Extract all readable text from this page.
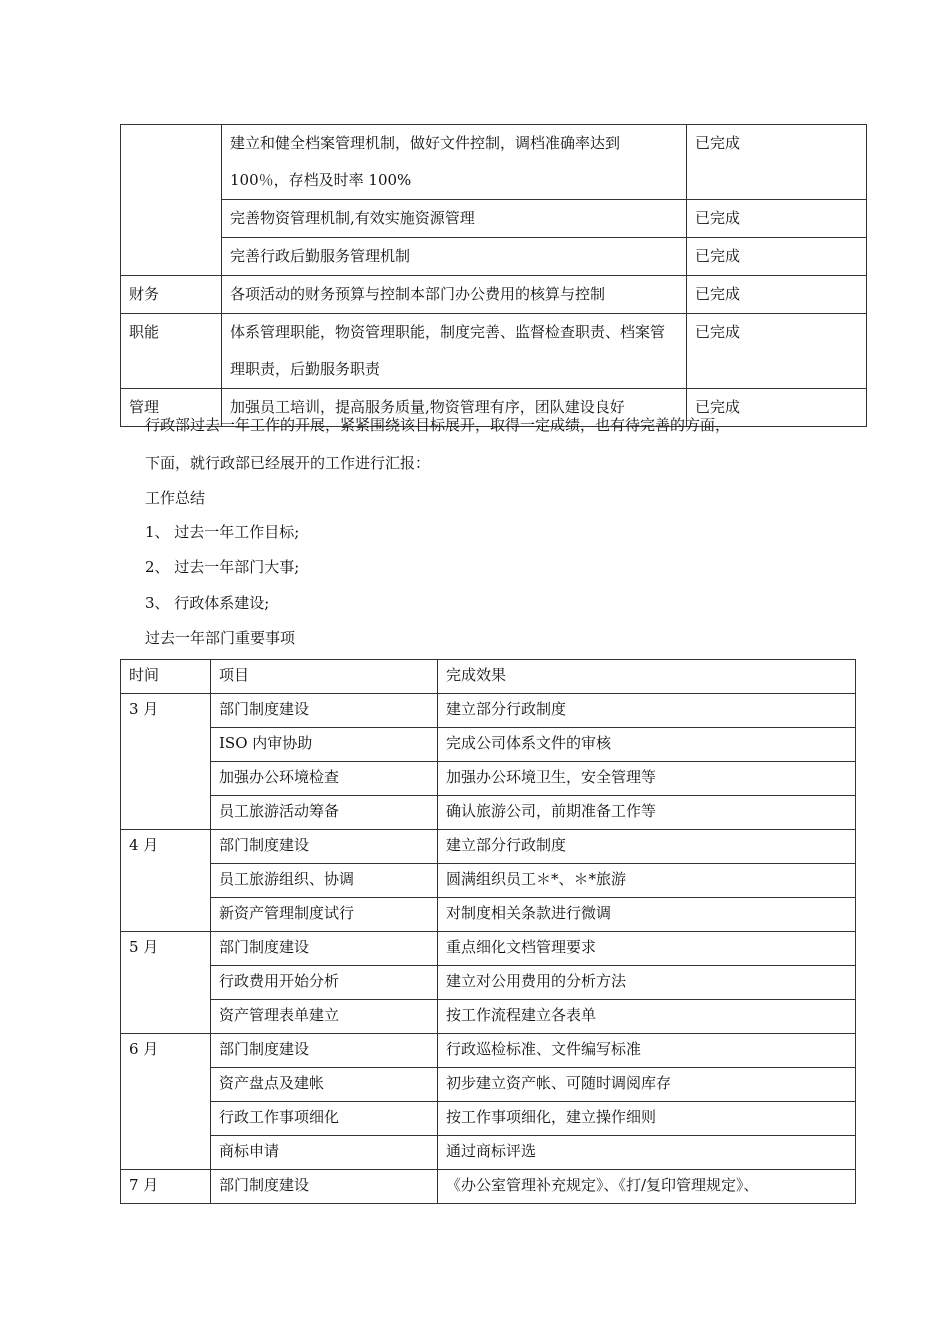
	建立和健全档案管理机制，做好文件控制，调档准确率达到100％，存档及时率 100%	已完成
	完善物资管理机制,有效实施资源管理	已完成
	完善行政后勤服务管理机制	已完成
财务	各项活动的财务预算与控制本部门办公费用的核算与控制	已完成
职能	体系管理职能，物资管理职能，制度完善、监督检查职责、档案管理职责，后勤服务职责	已完成
管理	加强员工培训，提高服务质量,物资管理有序，团队建设良好	已完成
行政部过去一年工作的开展，紧紧围绕该目标展开，取得一定成绩，也有待完善的方面，
下面，就行政部已经展开的工作进行汇报：
工作总结
1、 过去一年工作目标;
2、 过去一年部门大事;
3、 行政体系建设;
过去一年部门重要事项
时间	项目	完成效果
3 月	部门制度建设	建立部分行政制度
	ISO 内审协助	完成公司体系文件的审核
	加强办公环境检查	加强办公环境卫生，安全管理等
	员工旅游活动筹备	确认旅游公司，前期准备工作等
4 月	部门制度建设	建立部分行政制度
	员工旅游组织、协调	圆满组织员工＊*、＊*旅游
	新资产管理制度试行	对制度相关条款进行微调
5 月	部门制度建设	重点细化文档管理要求
	行政费用开始分析	建立对公用费用的分析方法
	资产管理表单建立	按工作流程建立各表单
6 月	部门制度建设	行政巡检标准、文件编写标准
	资产盘点及建帐	初步建立资产帐、可随时调阅库存
	行政工作事项细化	按工作事项细化，建立操作细则
	商标申请	通过商标评选
7 月	部门制度建设	《办公室管理补充规定》、《打/复印管理规定》、
